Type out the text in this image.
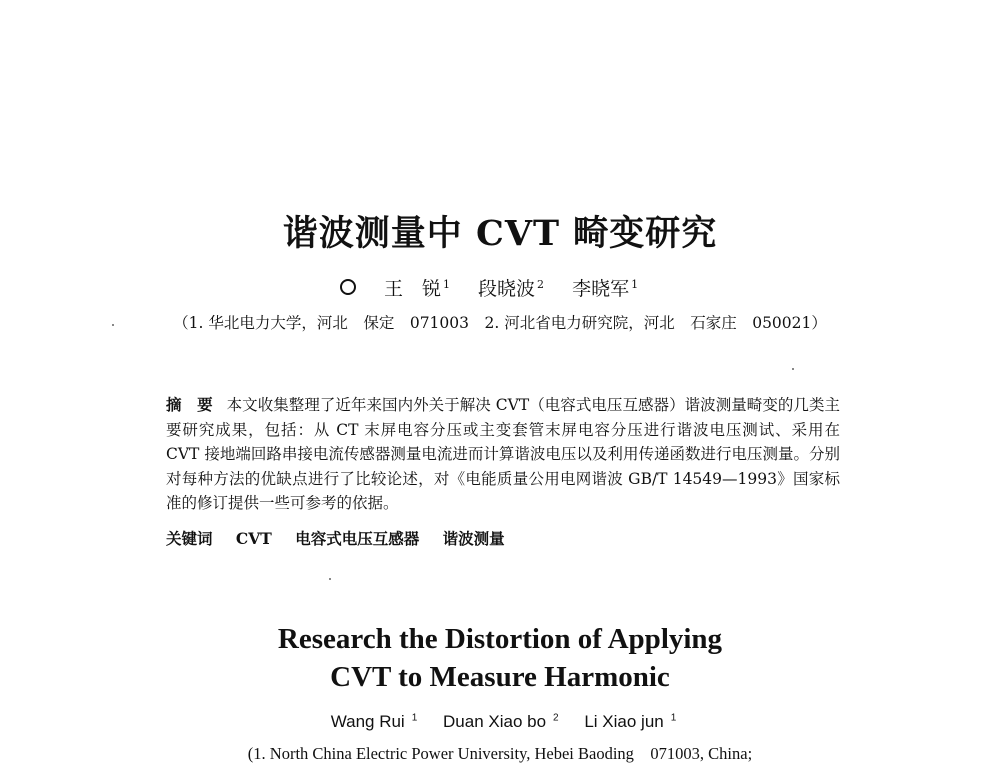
谐波测量中 CVT 畸变研究
王　锐 $^1$ 段晓波 $^2$ 李晓军 $^1$
（1. 华北电力大学，河北　保定　071003　2. 河北省电力研究院，河北　石家庄　050021）
摘　要 本文收集整理了近年来国内外关于解决 CVT（电容式电压互感器）谐波测量畸变的几类主要研究成果，包括：从 CT 末屏电容分压或主变套管末屏电容分压进行谐波电压测试、采用在 CVT 接地端回路串接电流传感器测量电流进而计算谐波电压以及利用传递函数进行电压测量。分别对每种方法的优缺点进行了比较论述，对《电能质量公用电网谐波 GB/T 14549—1993》国家标准的修订提供一些可参考的依据。
关键词 CVT 电容式电压互感器 谐波测量
Research the Distortion of Applying
CVT to Measure Harmonic
Wang Rui $^1$ Duan Xiao bo $^2$ Li Xiao jun $^1$
(1. North China Electric Power University, Hebei Baoding　071003, China;
